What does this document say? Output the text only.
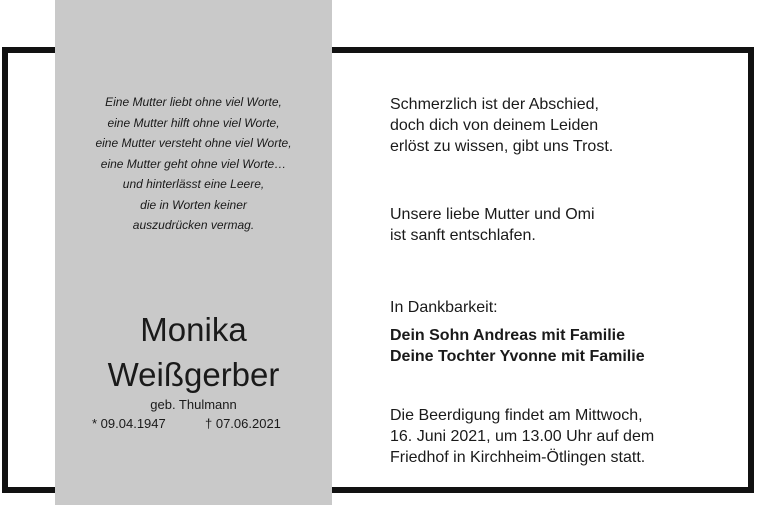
Eine Mutter liebt ohne viel Worte,
eine Mutter hilft ohne viel Worte,
eine Mutter versteht ohne viel Worte,
eine Mutter geht ohne viel Worte…
und hinterlässt eine Leere,
die in Worten keiner
auszudrücken vermag.
Monika
Weißgerber
geb. Thulmann
* 09.04.1947	† 07.06.2021
Schmerzlich ist der Abschied,
doch dich von deinem Leiden
erlöst zu wissen, gibt uns Trost.
Unsere liebe Mutter und Omi
ist sanft entschlafen.
In Dankbarkeit:
Dein Sohn Andreas mit Familie
Deine Tochter Yvonne mit Familie
Die Beerdigung findet am Mittwoch,
16. Juni 2021, um 13.00 Uhr auf dem
Friedhof in Kirchheim-Ötlingen statt.
